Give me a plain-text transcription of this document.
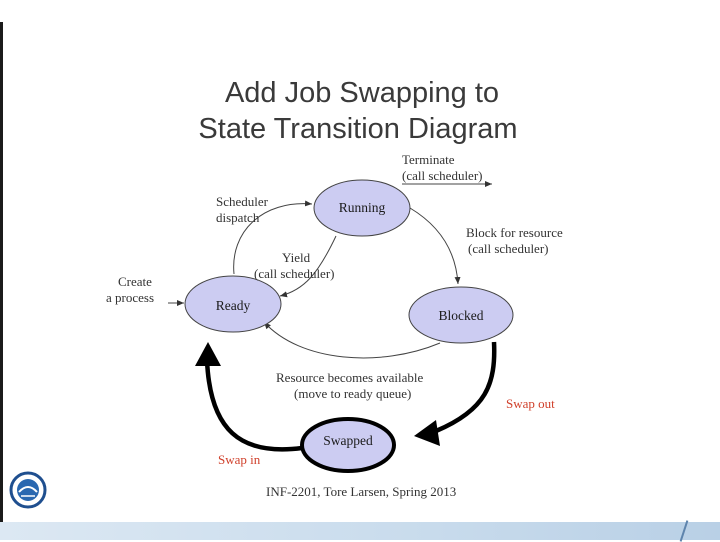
Add Job Swapping to
State Transition Diagram
Running
Ready
Blocked
Swapped
Terminate
(call scheduler)
Scheduler
dispatch
Yield
(call scheduler)
Create
a process
Block for resource
(call scheduler)
Resource becomes available
(move to ready queue)
Swap out
Swap in
INF-2201, Tore Larsen, Spring 2013
